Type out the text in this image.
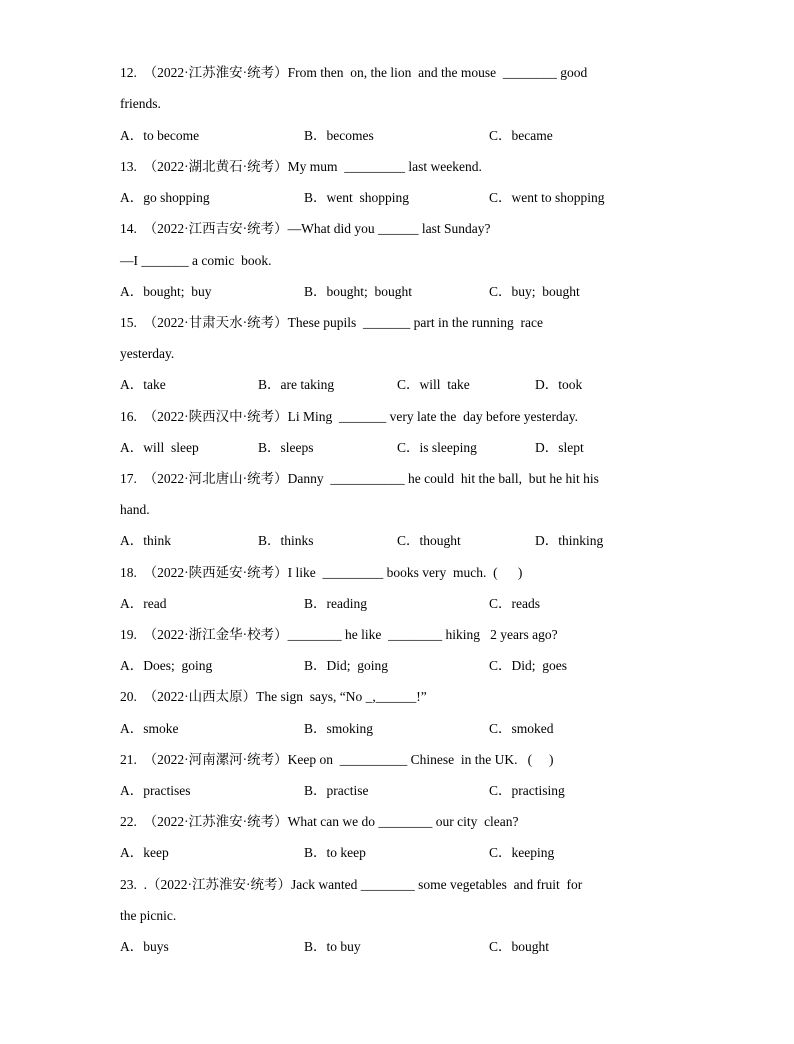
12.  （2022·江苏淮安·统考）From then  on, the lion  and the mouse  ________ good
friends.
A．to become	B．becomes	C．became
13.  （2022·湖北黄石·统考）My mum  _________ last weekend.
A．go shopping	B．went  shopping	C．went to shopping
14.  （2022·江西吉安·统考）—What did you ______ last Sunday?
—I _______ a comic  book.
A．bought;  buy	B．bought;  bought	C．buy;  bought
15.  （2022·甘肃天水·统考）These pupils  _______ part in the running  race
yesterday.
A．take	B．are taking	C．will  take	D．took
16.  （2022·陕西汉中·统考）Li Ming  _______ very late the  day before yesterday.
A．will  sleep	B．sleeps	C．is sleeping	D．slept
17.  （2022·河北唐山·统考）Danny  ___________ he could  hit the ball,  but he hit his
hand.
A．think	B．thinks	C．thought	D．thinking
18.  （2022·陕西延安·统考）I like  _________ books very  much.  (      )
A．read	B．reading	C．reads
19.  （2022·浙江金华·校考）________ he like  ________ hiking   2 years ago?
A．Does;  going	B．Did;  going	C．Did;  goes
20.  （2022·山西太原）The sign  says, “No _,______!”
A．smoke	B．smoking	C．smoked
21.  （2022·河南漯河·统考）Keep on  __________ Chinese  in the UK.   (     )
A．practises	B．practise	C．practising
22.  （2022·江苏淮安·统考）What can we do ________ our city  clean?
A．keep	B．to keep	C．keeping
23.  .（2022·江苏淮安·统考）Jack wanted ________ some vegetables  and fruit  for
the picnic.
A．buys	B．to buy	C．bought
